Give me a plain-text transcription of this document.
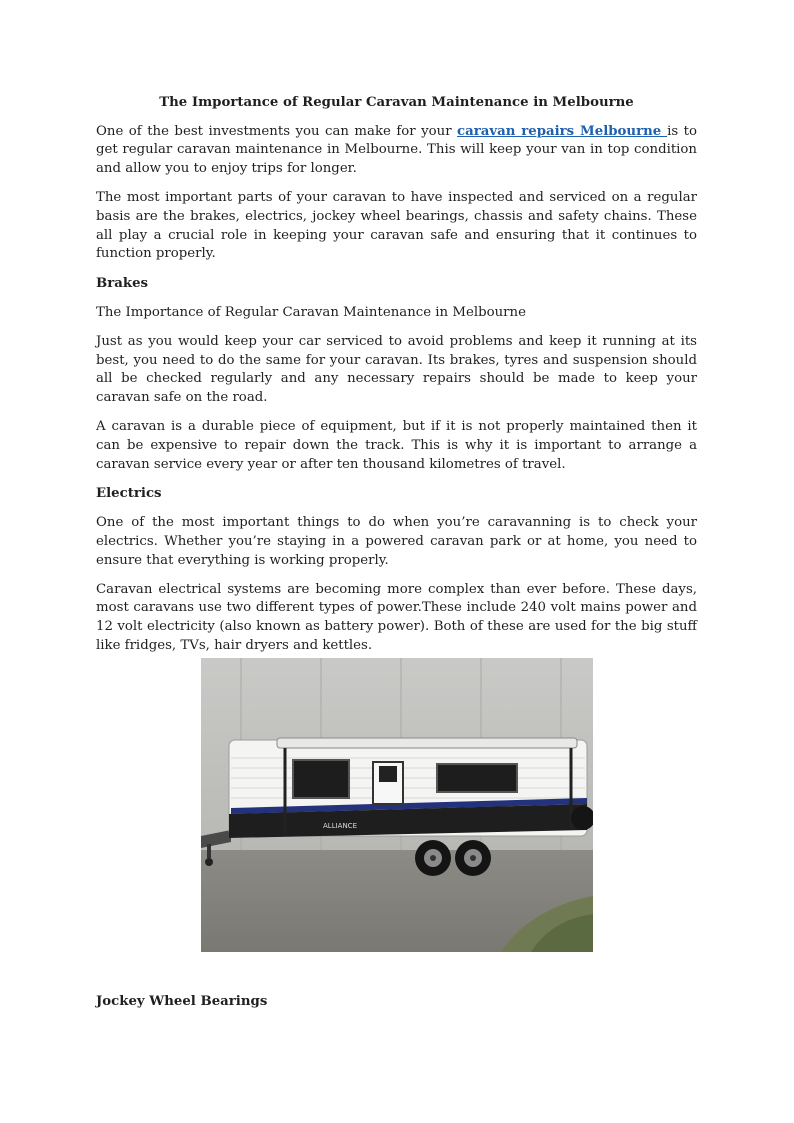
The Importance of Regular Caravan Maintenance in Melbourne

One of the best investments you can make for your caravan repairs Melbourne is to get regular caravan maintenance in Melbourne. This will keep your van in top condition and allow you to enjoy trips for longer.

The most important parts of your caravan to have inspected and serviced on a regular basis are the brakes, electrics, jockey wheel bearings, chassis and safety chains. These all play a crucial role in keeping your caravan safe and ensuring that it continues to function properly.

Brakes

The Importance of Regular Caravan Maintenance in Melbourne

Just as you would keep your car serviced to avoid problems and keep it running at its best, you need to do the same for your caravan. Its brakes, tyres and suspension should all be checked regularly and any necessary repairs should be made to keep your caravan safe on the road.

A caravan is a durable piece of equipment, but if it is not properly maintained then it can be expensive to repair down the track. This is why it is important to arrange a caravan service every year or after ten thousand kilometres of travel.

Electrics

One of the most important things to do when you’re caravanning is to check your electrics. Whether you’re staying in a powered caravan park or at home, you need to ensure that everything is working properly.

Caravan electrical systems are becoming more complex than ever before. These days, most caravans use two different types of power.These include 240 volt mains power and 12 volt electricity (also known as battery power). Both of these are used for the big stuff like fridges, TVs, hair dryers and kettles.

ALLIANCE
Jockey Wheel Bearings
